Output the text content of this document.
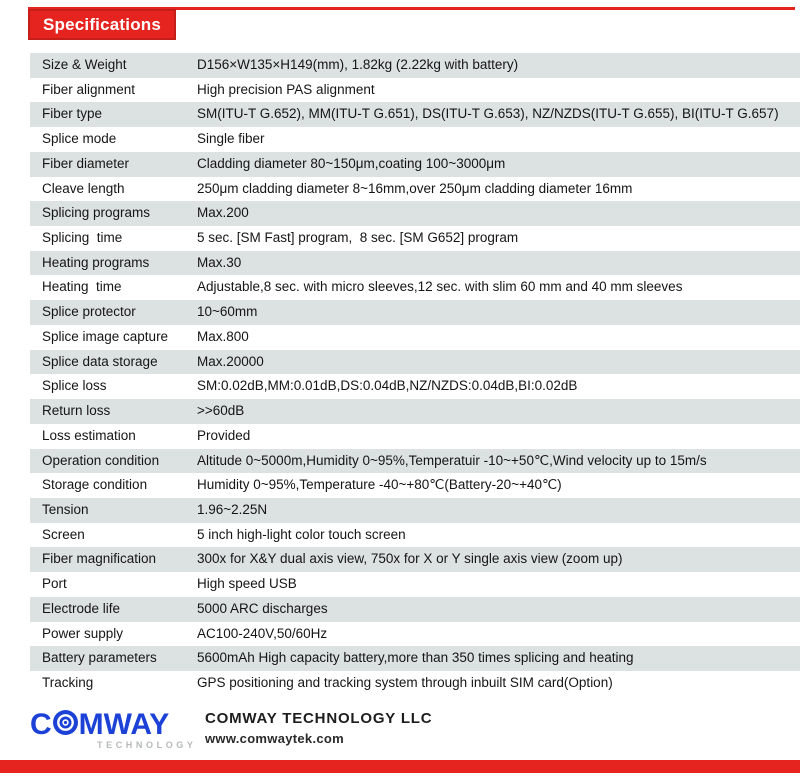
Specifications
Size & Weight	D156×W135×H149(mm), 1.82kg (2.22kg with battery)
Fiber alignment	High precision PAS alignment
Fiber type	SM(ITU-T G.652), MM(ITU-T G.651), DS(ITU-T G.653), NZ/NZDS(ITU-T G.655), BI(ITU-T G.657)
Splice mode	Single fiber
Fiber diameter	Cladding diameter 80~150μm,coating 100~3000μm
Cleave length	250μm cladding diameter 8~16mm,over 250μm cladding diameter 16mm
Splicing programs	Max.200
Splicing  time	5 sec. [SM Fast] program,  8 sec. [SM G652] program
Heating programs	Max.30
Heating  time	Adjustable,8 sec. with micro sleeves,12 sec. with slim 60 mm and 40 mm sleeves
Splice protector	10~60mm
Splice image capture	Max.800
Splice data storage	Max.20000
Splice loss	SM:0.02dB,MM:0.01dB,DS:0.04dB,NZ/NZDS:0.04dB,BI:0.02dB
Return loss	>>60dB
Loss estimation	Provided
Operation condition	Altitude 0~5000m,Humidity 0~95%,Temperatuir -10~+50℃,Wind velocity up to 15m/s
Storage condition	Humidity 0~95%,Temperature -40~+80℃(Battery-20~+40℃)
Tension	1.96~2.25N
Screen	5 inch high-light color touch screen
Fiber magnification	300x for X&Y dual axis view, 750x for X or Y single axis view (zoom up)
Port	High speed USB
Electrode life	5000 ARC discharges
Power supply	AC100-240V,50/60Hz
Battery parameters	5600mAh High capacity battery,more than 350 times splicing and heating
Tracking	GPS positioning and tracking system through inbuilt SIM card(Option)
C MWAY
TECHNOLOGY
COMWAY TECHNOLOGY LLC
www.comwaytek.com
